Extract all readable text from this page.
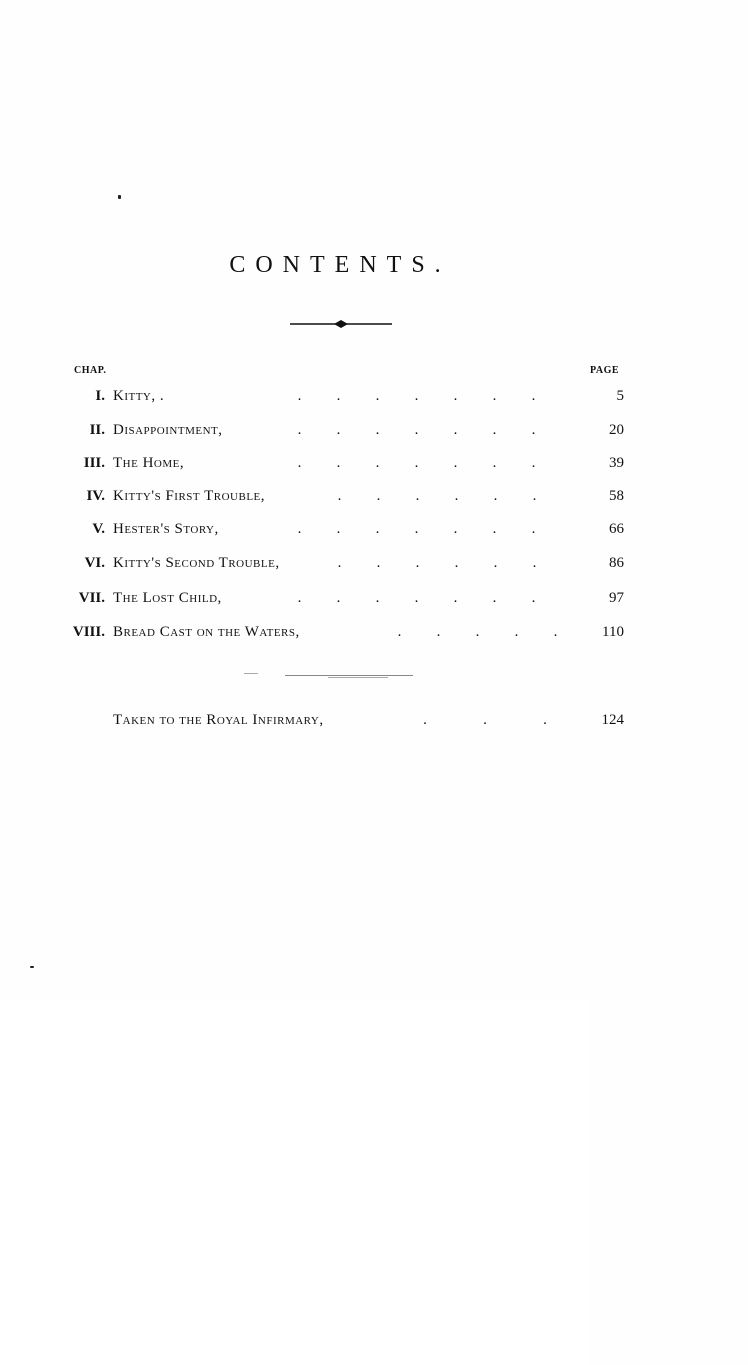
CONTENTS.
CHAP.	PAGE
I. Kitty, .	. . . . . . .	5
II. Disappointment,	. . . . . . .	20
III. The Home,	. . . . . . .	39
IV. Kitty's First Trouble,	. . . . . .	58
V. Hester's Story,	. . . . . . .	66
VI. Kitty's Second Trouble,	. . . . . .	86
VII. The Lost Child,	. . . . . . .	97
VIII. Bread Cast on the Waters,	. . . . .	110
Taken to the Royal Infirmary,	.	.	.	124
